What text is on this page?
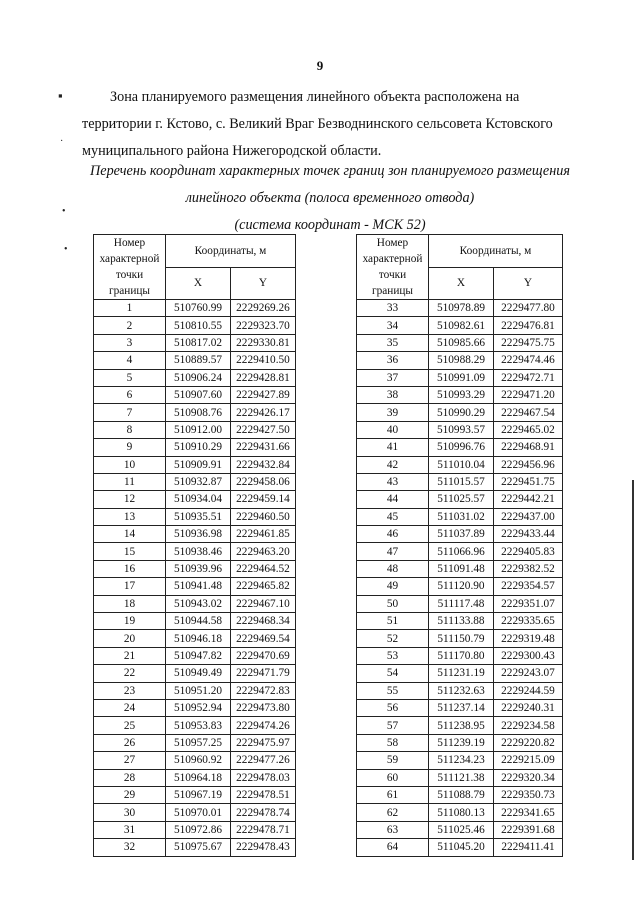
9
Зона планируемого размещения линейного объекта расположена на
территории г. Кстово, с. Великий Враг Безводнинского сельсовета Кстовского
муниципального района Нижегородской области.
Перечень координат характерных точек границ зон планируемого размещения
линейного объекта (полоса временного отвода)
(система координат - МСК 52)
▪
·
•
•
Номер характерной точки границы	Координаты, м	
	X	Y
1	510760.99	2229269.26
2	510810.55	2229323.70
3	510817.02	2229330.81
4	510889.57	2229410.50
5	510906.24	2229428.81
6	510907.60	2229427.89
7	510908.76	2229426.17
8	510912.00	2229427.50
9	510910.29	2229431.66
10	510909.91	2229432.84
11	510932.87	2229458.06
12	510934.04	2229459.14
13	510935.51	2229460.50
14	510936.98	2229461.85
15	510938.46	2229463.20
16	510939.96	2229464.52
17	510941.48	2229465.82
18	510943.02	2229467.10
19	510944.58	2229468.34
20	510946.18	2229469.54
21	510947.82	2229470.69
22	510949.49	2229471.79
23	510951.20	2229472.83
24	510952.94	2229473.80
25	510953.83	2229474.26
26	510957.25	2229475.97
27	510960.92	2229477.26
28	510964.18	2229478.03
29	510967.19	2229478.51
30	510970.01	2229478.74
31	510972.86	2229478.71
32	510975.67	2229478.43
Номер характерной точки границы	Координаты, м	
	X	Y
33	510978.89	2229477.80
34	510982.61	2229476.81
35	510985.66	2229475.75
36	510988.29	2229474.46
37	510991.09	2229472.71
38	510993.29	2229471.20
39	510990.29	2229467.54
40	510993.57	2229465.02
41	510996.76	2229468.91
42	511010.04	2229456.96
43	511015.57	2229451.75
44	511025.57	2229442.21
45	511031.02	2229437.00
46	511037.89	2229433.44
47	511066.96	2229405.83
48	511091.48	2229382.52
49	511120.90	2229354.57
50	511117.48	2229351.07
51	511133.88	2229335.65
52	511150.79	2229319.48
53	511170.80	2229300.43
54	511231.19	2229243.07
55	511232.63	2229244.59
56	511237.14	2229240.31
57	511238.95	2229234.58
58	511239.19	2229220.82
59	511234.23	2229215.09
60	511121.38	2229320.34
61	511088.79	2229350.73
62	511080.13	2229341.65
63	511025.46	2229391.68
64	511045.20	2229411.41
